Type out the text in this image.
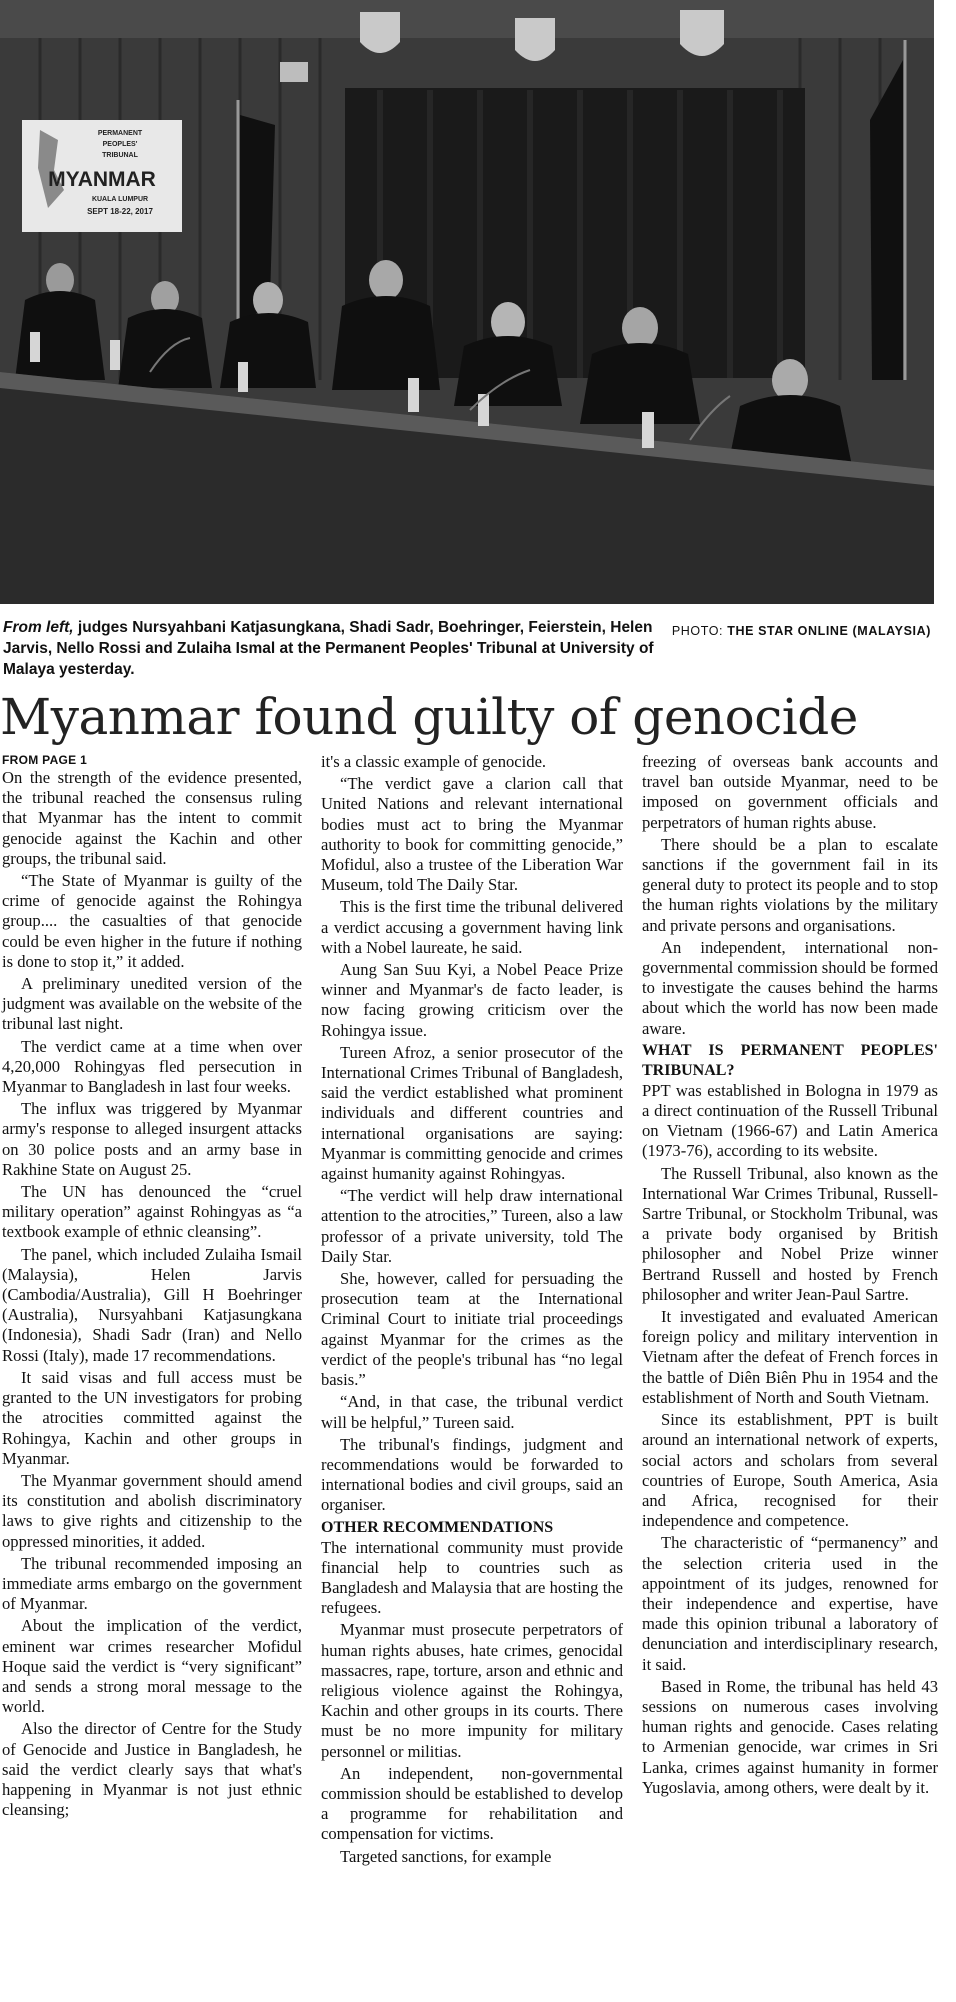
PERMANENT
PEOPLES'
TRIBUNAL
MYANMAR
KUALA LUMPUR
SEPT 18-22, 2017
PHOTO: THE STAR ONLINE (MALAYSIA)
From left, judges Nursyahbani Katjasungkana, Shadi Sadr, Boehringer, Feierstein, Helen Jarvis, Nello Rossi and Zulaiha Ismal at the Permanent Peoples' Tribunal at University of Malaya yesterday.
Myanmar found guilty of genocide
FROM PAGE 1

On the strength of the evidence presented, the tribunal reached the consensus ruling that Myanmar has the intent to commit genocide against the Kachin and other groups, the tribunal said.

“The State of Myanmar is guilty of the crime of genocide against the Rohingya group.... the casualties of that genocide could be even higher in the future if nothing is done to stop it,” it added.

A preliminary unedited version of the judgment was available on the website of the tribunal last night.

The verdict came at a time when over 4,20,000 Rohingyas fled persecution in Myanmar to Bangladesh in last four weeks.

The influx was triggered by Myanmar army's response to alleged insurgent attacks on 30 police posts and an army base in Rakhine State on August 25.

The UN has denounced the “cruel military operation” against Rohingyas as “a textbook example of ethnic cleansing”.

The panel, which included Zulaiha Ismail (Malaysia), Helen Jarvis (Cambodia/Australia), Gill H Boehringer (Australia), Nursyahbani Katjasungkana (Indonesia), Shadi Sadr (Iran) and Nello Rossi (Italy), made 17 recommendations.

It said visas and full access must be granted to the UN investigators for probing the atrocities committed against the Rohingya, Kachin and other groups in Myanmar.

The Myanmar government should amend its constitution and abolish discriminatory laws to give rights and citizenship to the oppressed minorities, it added.

The tribunal recommended imposing an immediate arms embargo on the government of Myanmar.

About the implication of the verdict, eminent war crimes researcher Mofidul Hoque said the verdict is “very significant” and sends a strong moral message to the world.

Also the director of Centre for the Study of Genocide and Justice in Bangladesh, he said the verdict clearly says that what's happening in Myanmar is not just ethnic cleansing;

it's a classic example of genocide.

“The verdict gave a clarion call that United Nations and relevant international bodies must act to bring the Myanmar authority to book for committing genocide,” Mofidul, also a trustee of the Liberation War Museum, told The Daily Star.

This is the first time the tribunal delivered a verdict accusing a government having link with a Nobel laureate, he said.

Aung San Suu Kyi, a Nobel Peace Prize winner and Myanmar's de facto leader, is now facing growing criticism over the Rohingya issue.

Tureen Afroz, a senior prosecutor of the International Crimes Tribunal of Bangladesh, said the verdict established what prominent individuals and different countries and international organisations are saying: Myanmar is committing genocide and crimes against humanity against Rohingyas.

“The verdict will help draw international attention to the atrocities,” Tureen, also a law professor of a private university, told The Daily Star.

She, however, called for persuading the prosecution team at the International Criminal Court to initiate trial proceedings against Myanmar for the crimes as the verdict of the people's tribunal has “no legal basis.”

“And, in that case, the tribunal verdict will be helpful,” Tureen said.

The tribunal's findings, judgment and recommendations would be forwarded to international bodies and civil groups, said an organiser.

OTHER RECOMMENDATIONS

The international community must provide financial help to countries such as Bangladesh and Malaysia that are hosting the refugees.

Myanmar must prosecute perpetrators of human rights abuses, hate crimes, genocidal massacres, rape, torture, arson and ethnic and religious violence against the Rohingya, Kachin and other groups in its courts. There must be no more impunity for military personnel or militias.

An independent, non-governmental commission should be established to develop a programme for rehabilitation and compensation for victims.

Targeted sanctions, for example

freezing of overseas bank accounts and travel ban outside Myanmar, need to be imposed on government officials and perpetrators of human rights abuse.

There should be a plan to escalate sanctions if the government fail in its general duty to protect its people and to stop the human rights violations by the military and private persons and organisations.

An independent, international non-governmental commission should be formed to investigate the causes behind the harms about which the world has now been made aware.

WHAT IS PERMANENT PEOPLES' TRIBUNAL?

PPT was established in Bologna in 1979 as a direct continuation of the Russell Tribunal on Vietnam (1966-67) and Latin America (1973-76), according to its website.

The Russell Tribunal, also known as the International War Crimes Tribunal, Russell-Sartre Tribunal, or Stockholm Tribunal, was a private body organised by British philosopher and Nobel Prize winner Bertrand Russell and hosted by French philosopher and writer Jean-Paul Sartre.

It investigated and evaluated American foreign policy and military intervention in Vietnam after the defeat of French forces in the battle of Diên Biên Phu in 1954 and the establishment of North and South Vietnam.

Since its establishment, PPT is built around an international network of experts, social actors and scholars from several countries of Europe, South America, Asia and Africa, recognised for their independence and competence.

The characteristic of “permanency” and the selection criteria used in the appointment of its judges, renowned for their independence and expertise, have made this opinion tribunal a laboratory of denunciation and interdisciplinary research, it said.

Based in Rome, the tribunal has held 43 sessions on numerous cases involving human rights and genocide. Cases relating to Armenian genocide, war crimes in Sri Lanka, crimes against humanity in former Yugoslavia, among others, were dealt by it.
